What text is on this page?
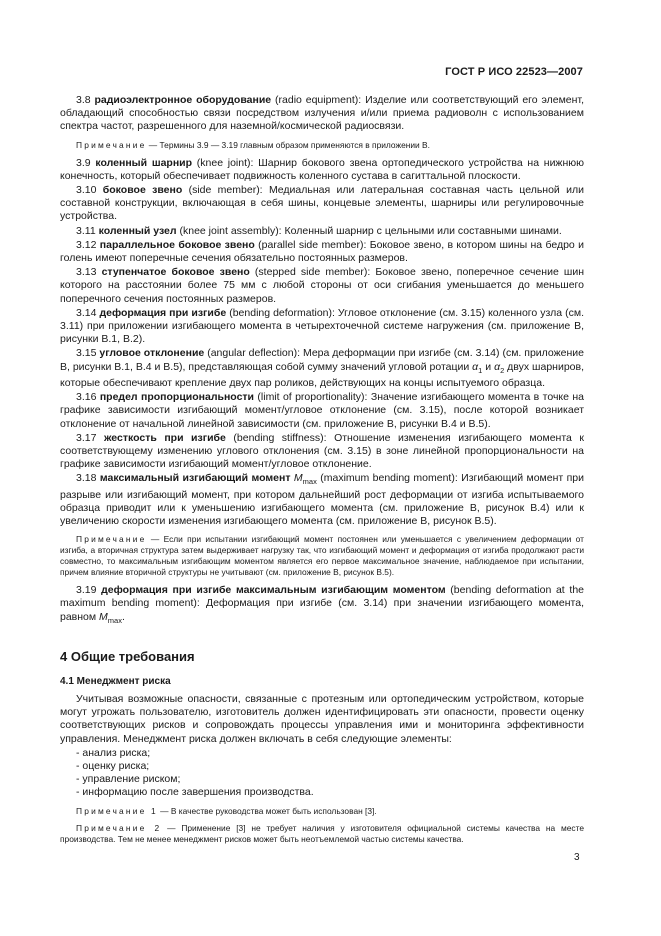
ГОСТ Р ИСО 22523—2007

3.8 радиоэлектронное оборудование (radio equipment): Изделие или соответствующий его элемент, обладающий способностью связи посредством излучения и/или приема радиоволн с использованием спектра частот, разрешенного для наземной/космической радиосвязи.

Примечание — Термины 3.9 — 3.19 главным образом применяются в приложении В.

3.9 коленный шарнир (knee joint): Шарнир бокового звена ортопедического устройства на нижнюю конечность, который обеспечивает подвижность коленного сустава в сагиттальной плоскости.

3.10 боковое звено (side member): Медиальная или латеральная составная часть цельной или составной конструкции, включающая в себя шины, концевые элементы, шарниры или регулировочные устройства.

3.11 коленный узел (knee joint assembly): Коленный шарнир с цельными или составными шинами.

3.12 параллельное боковое звено (parallel side member): Боковое звено, в котором шины на бедро и голень имеют поперечные сечения обязательно постоянных размеров.

3.13 ступенчатое боковое звено (stepped side member): Боковое звено, поперечное сечение шин которого на расстоянии более 75 мм с любой стороны от оси сгибания уменьшается до меньшего поперечного сечения постоянных размеров.

3.14 деформация при изгибе (bending deformation): Угловое отклонение (см. 3.15) коленного узла (см. 3.11) при приложении изгибающего момента в четырехточечной системе нагружения (см. приложение В, рисунки В.1, В.2).

3.15 угловое отклонение (angular deflection): Мера деформации при изгибе (см. 3.14) (см. приложение В, рисунки В.1, В.4 и В.5), представляющая собой сумму значений угловой ротации $\alpha_1$ и $\alpha_2$ двух шарниров, которые обеспечивают крепление двух пар роликов, действующих на концы испытуемого образца.

3.16 предел пропорциональности (limit of proportionality): Значение изгибающего момента в точке на графике зависимости изгибающий момент/угловое отклонение (см. 3.15), после которой возникает отклонение от начальной линейной зависимости (см. приложение В, рисунки В.4 и В.5).

3.17 жесткость при изгибе (bending stiffness): Отношение изменения изгибающего момента к соответствующему изменению углового отклонения (см. 3.15) в зоне линейной пропорциональности на графике зависимости изгибающий момент/угловое отклонение.

3.18 максимальный изгибающий момент $M_{max}$ (maximum bending moment): Изгибающий момент при разрыве или изгибающий момент, при котором дальнейший рост деформации от изгиба испытываемого образца приводит или к уменьшению изгибающего момента (см. приложение В, рисунок В.4) или к увеличению скорости изменения изгибающего момента (см. приложение В, рисунок В.5).

Примечание — Если при испытании изгибающий момент постоянен или уменьшается с увеличением деформации от изгиба, а вторичная структура затем выдерживает нагрузку так, что изгибающий момент и деформация от изгиба продолжают расти совместно, то максимальным изгибающим моментом является его первое максимальное значение, наблюдаемое при испытании, причем влияние вторичной структуры не учитывают (см. приложение В, рисунок В.5).

3.19 деформация при изгибе максимальным изгибающим моментом (bending deformation at the maximum bending moment): Деформация при изгибе (см. 3.14) при значении изгибающего момента, равном $M_{max}$.

4 Общие требования
4.1 Менеджмент риска

Учитывая возможные опасности, связанные с протезным или ортопедическим устройством, которые могут угрожать пользователю, изготовитель должен идентифицировать эти опасности, провести оценку соответствующих рисков и сопровождать процессы управления ими и мониторинга эффективности управления. Менеджмент риска должен включать в себя следующие элементы:

- анализ риска;

- оценку риска;

- управление риском;

- информацию после завершения производства.

Примечание 1 — В качестве руководства может быть использован [3].

Примечание 2 — Применение [3] не требует наличия у изготовителя официальной системы качества на месте производства. Тем не менее менеджмент рисков может быть неотъемлемой частью системы качества.

3
